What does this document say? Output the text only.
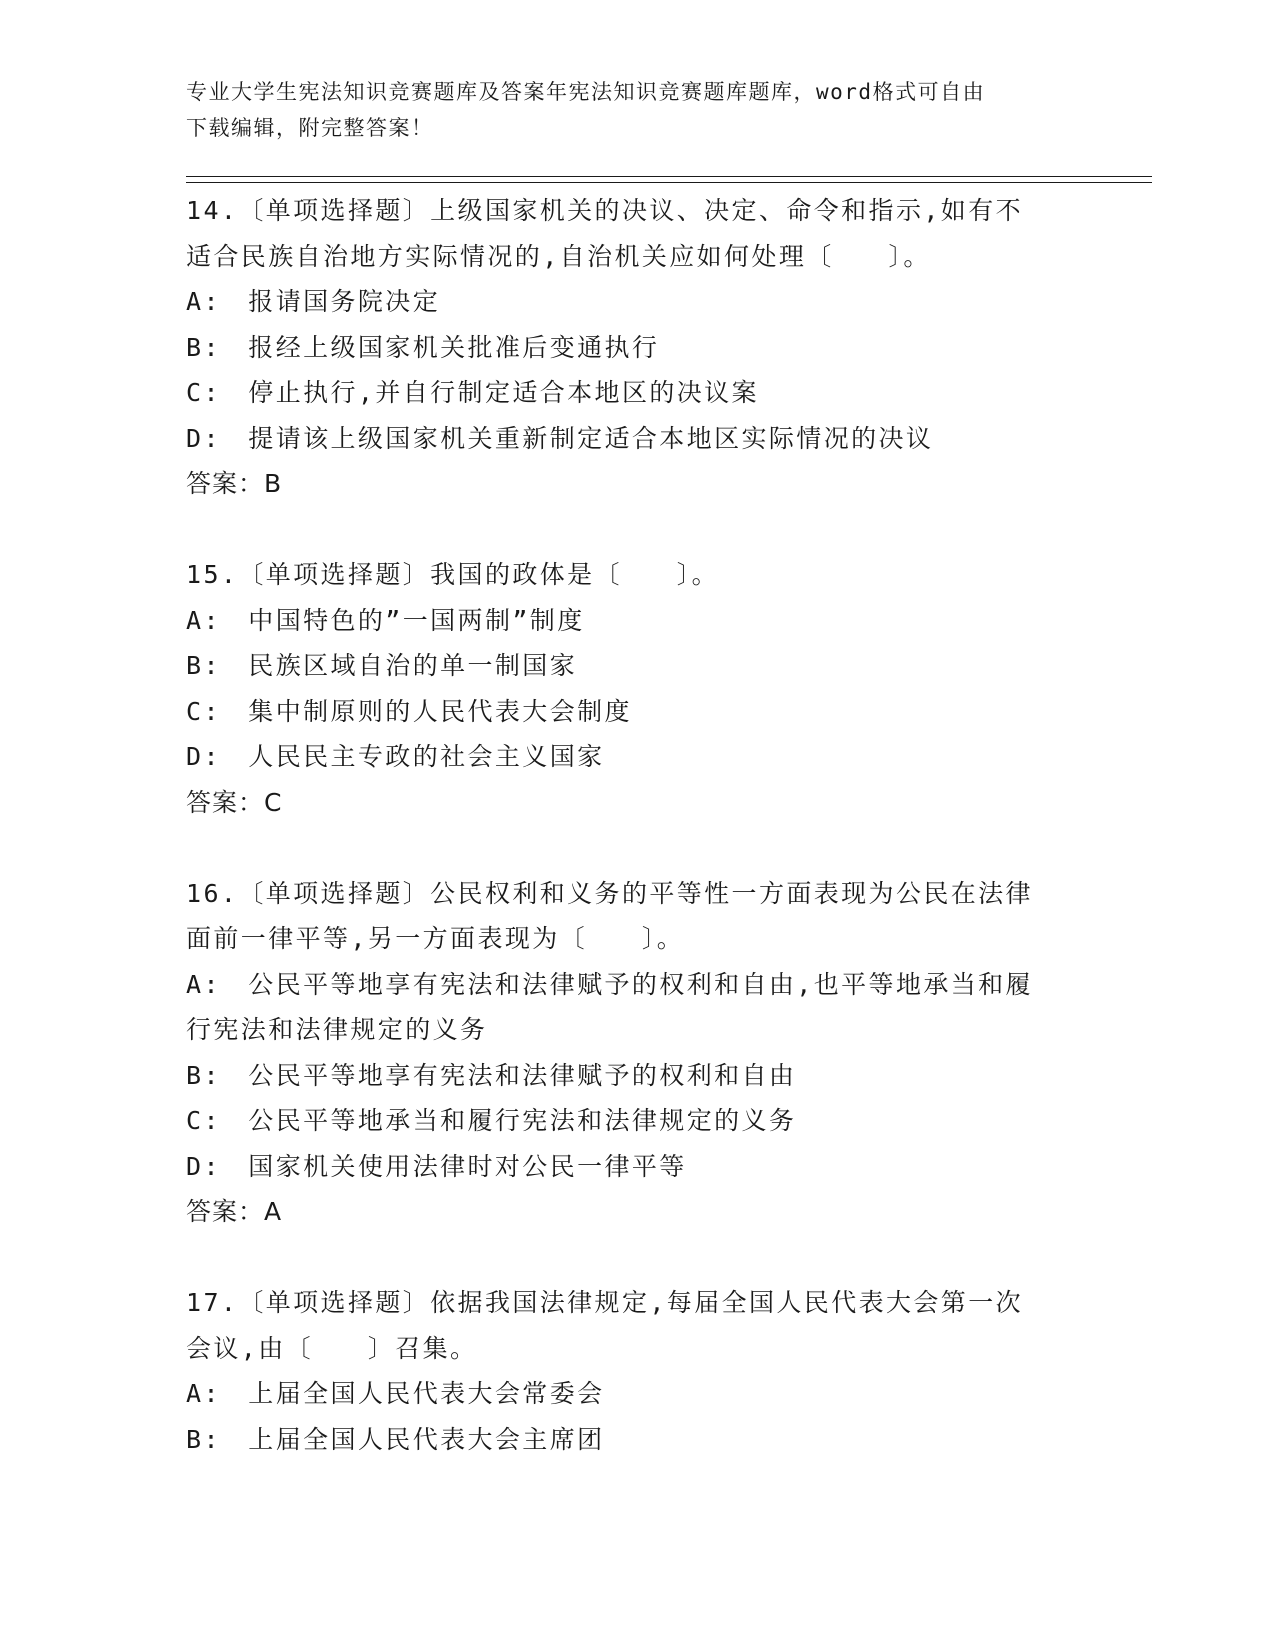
专业大学生宪法知识竞赛题库及答案年宪法知识竞赛题库题库，word格式可自由
下载编辑，附完整答案！
14.〔单项选择题〕上级国家机关的决议、决定、命令和指示,如有不
适合民族自治地方实际情况的,自治机关应如何处理〔　　〕。
A:　报请国务院决定
B:　报经上级国家机关批准后变通执行
C:　停止执行,并自行制定适合本地区的决议案
D:　提请该上级国家机关重新制定适合本地区实际情况的决议
答案：B
15.〔单项选择题〕我国的政体是〔　　〕。
A:　中国特色的”一国两制”制度
B:　民族区域自治的单一制国家
C:　集中制原则的人民代表大会制度
D:　人民民主专政的社会主义国家
答案：C
16.〔单项选择题〕公民权利和义务的平等性一方面表现为公民在法律
面前一律平等,另一方面表现为〔　　〕。
A:　公民平等地享有宪法和法律赋予的权利和自由,也平等地承当和履
行宪法和法律规定的义务
B:　公民平等地享有宪法和法律赋予的权利和自由
C:　公民平等地承当和履行宪法和法律规定的义务
D:　国家机关使用法律时对公民一律平等
答案：A
17.〔单项选择题〕依据我国法律规定,每届全国人民代表大会第一次
会议,由〔　　〕召集。
A:　上届全国人民代表大会常委会
B:　上届全国人民代表大会主席团
